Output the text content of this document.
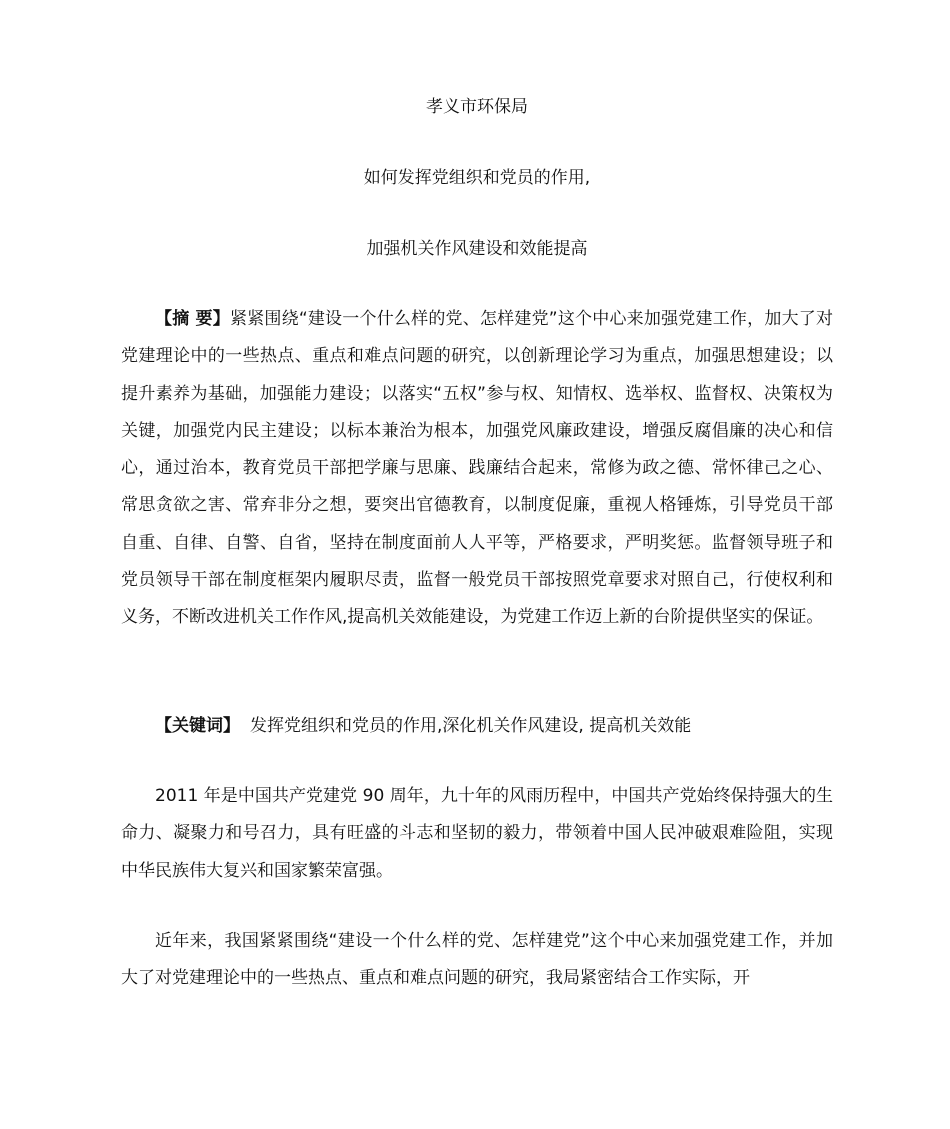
孝义市环保局
如何发挥党组织和党员的作用,
加强机关作风建设和效能提高

【摘 要】紧紧围绕“建设一个什么样的党、怎样建党”这个中心来加强党建工作，加大了对党建理论中的一些热点、重点和难点问题的研究，以创新理论学习为重点，加强思想建设；以提升素养为基础，加强能力建设；以落实“五权”参与权、知情权、选举权、监督权、决策权为关键，加强党内民主建设；以标本兼治为根本，加强党风廉政建设，增强反腐倡廉的决心和信心，通过治本，教育党员干部把学廉与思廉、践廉结合起来，常修为政之德、常怀律己之心、常思贪欲之害、常弃非分之想，要突出官德教育，以制度促廉，重视人格锤炼，引导党员干部自重、自律、自警、自省，坚持在制度面前人人平等，严格要求，严明奖惩。监督领导班子和党员领导干部在制度框架内履职尽责，监督一般党员干部按照党章要求对照自己，行使权利和义务，不断改进机关工作作风,提高机关效能建设，为党建工作迈上新的台阶提供坚实的保证。

【关键词】 发挥党组织和党员的作用,深化机关作风建设, 提高机关效能

2011 年是中国共产党建党 90 周年，九十年的风雨历程中，中国共产党始终保持强大的生命力、凝聚力和号召力，具有旺盛的斗志和坚韧的毅力，带领着中国人民冲破艰难险阻，实现中华民族伟大复兴和国家繁荣富强。

近年来，我国紧紧围绕“建设一个什么样的党、怎样建党”这个中心来加强党建工作，并加大了对党建理论中的一些热点、重点和难点问题的研究，我局紧密结合工作实际，开
